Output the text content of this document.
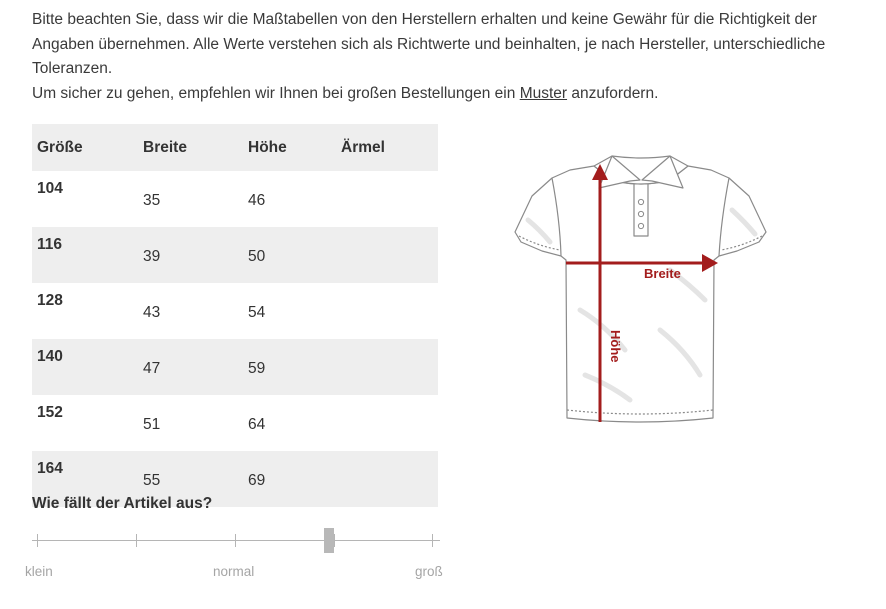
Bitte beachten Sie, dass wir die Maßtabellen von den Herstellern erhalten und keine Gewähr für die Richtigkeit der Angaben übernehmen. Alle Werte verstehen sich als Richtwerte und beinhalten, je nach Hersteller, unterschiedliche Toleranzen.

Um sicher zu gehen, empfehlen wir Ihnen bei großen Bestellungen ein Muster anzufordern.

Größe	Breite	Höhe	Ärmel
104	35	46	
116	39	50	
128	43	54	
140	47	59	
152	51	64	
164	55	69	
Breite
Höhe
Wie fällt der Artikel aus?
klein	normal	groß
